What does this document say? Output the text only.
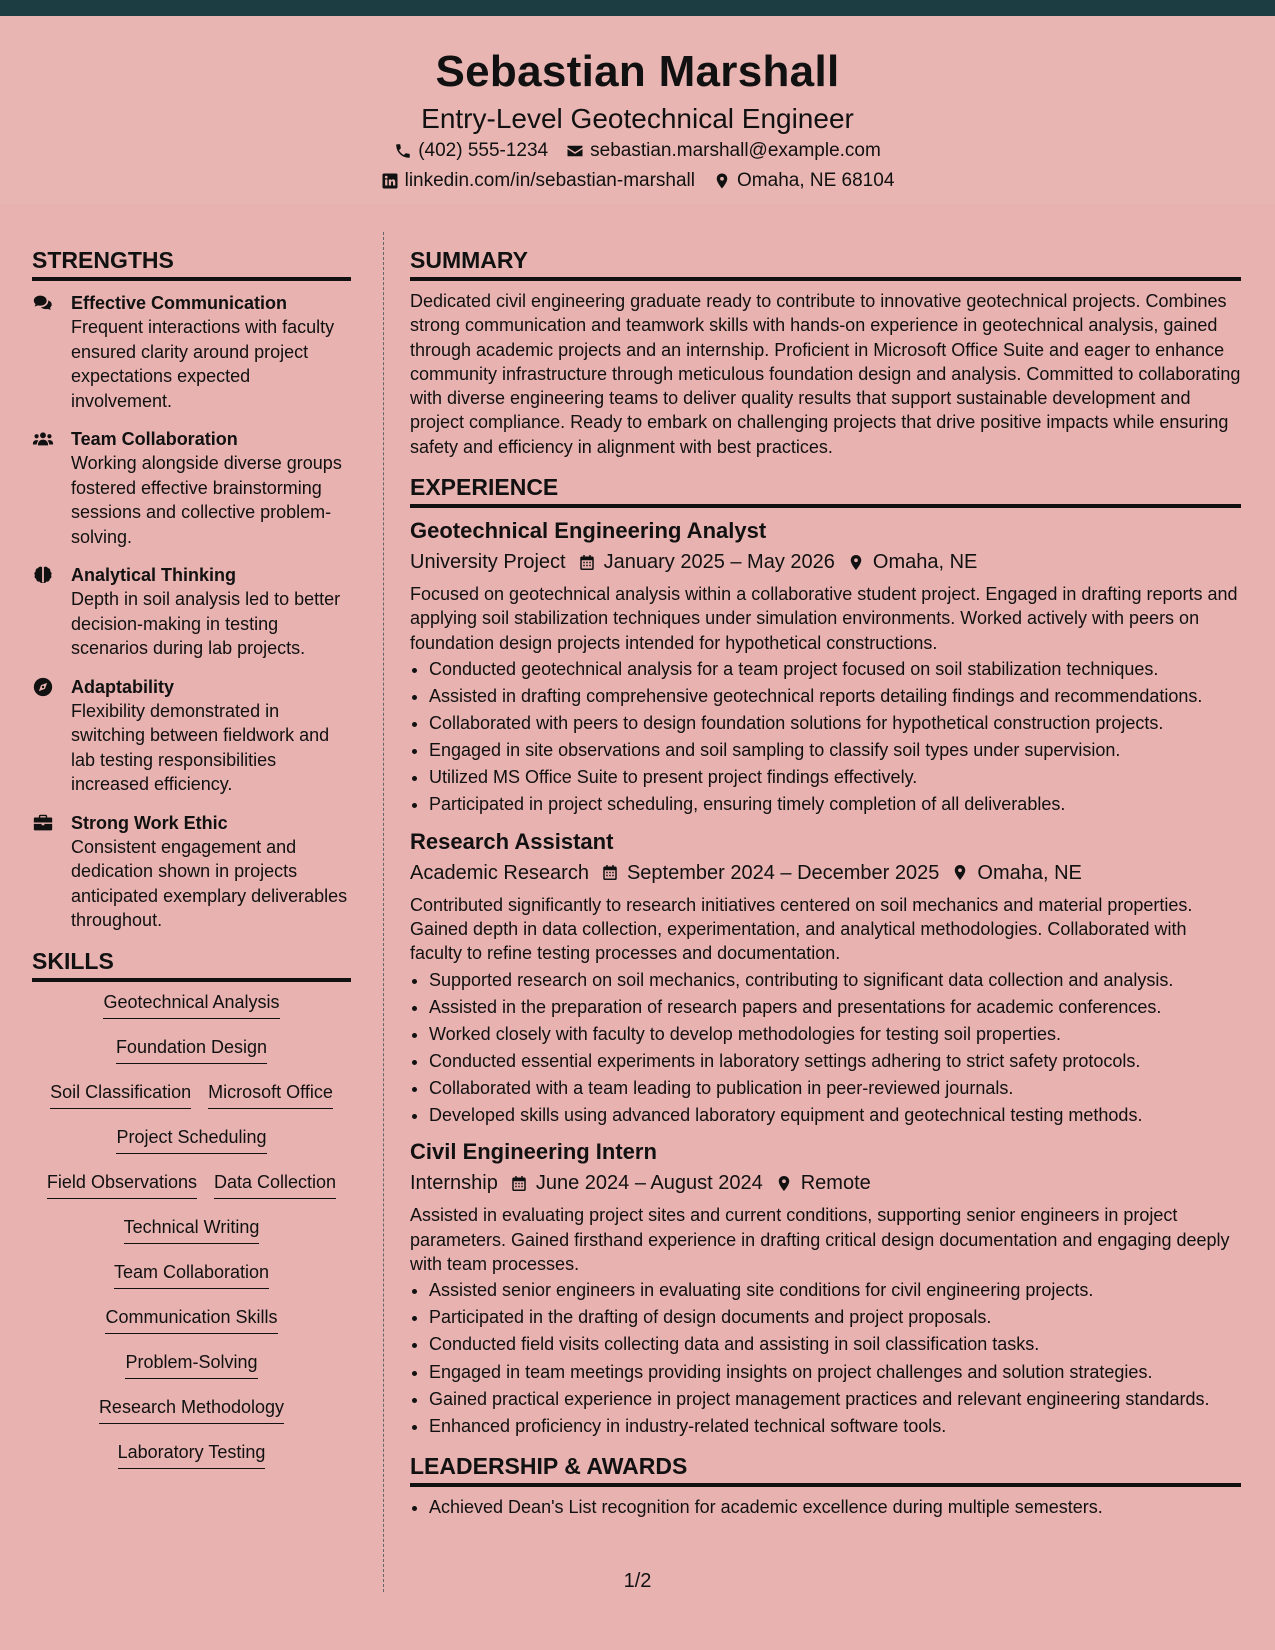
Sebastian Marshall
Entry-Level Geotechnical Engineer
(402) 555-1234 sebastian.marshall@example.com
linkedin.com/in/sebastian-marshall Omaha, NE 68104
STRENGTHS
Effective Communication
Frequent interactions with faculty ensured clarity around project expectations expected involvement.
Team Collaboration
Working alongside diverse groups fostered effective brainstorming sessions and collective problem-solving.
Analytical Thinking
Depth in soil analysis led to better decision-making in testing scenarios during lab projects.
Adaptability
Flexibility demonstrated in switching between fieldwork and lab testing responsibilities increased efficiency.
Strong Work Ethic
Consistent engagement and dedication shown in projects anticipated exemplary deliverables throughout.
SKILLS
Geotechnical Analysis
Foundation Design
Soil Classification Microsoft Office
Project Scheduling
Field Observations Data Collection
Technical Writing
Team Collaboration
Communication Skills
Problem-Solving
Research Methodology
Laboratory Testing
SUMMARY
Dedicated civil engineering graduate ready to contribute to innovative geotechnical projects. Combines strong communication and teamwork skills with hands-on experience in geotechnical analysis, gained through academic projects and an internship. Proficient in Microsoft Office Suite and eager to enhance community infrastructure through meticulous foundation design and analysis. Committed to collaborating with diverse engineering teams to deliver quality results that support sustainable development and project compliance. Ready to embark on challenging projects that drive positive impacts while ensuring safety and efficiency in alignment with best practices.
EXPERIENCE
Geotechnical Engineering Analyst
University Project January 2025 – May 2026 Omaha, NE
Focused on geotechnical analysis within a collaborative student project. Engaged in drafting reports and applying soil stabilization techniques under simulation environments. Worked actively with peers on foundation design projects intended for hypothetical constructions.
• Conducted geotechnical analysis for a team project focused on soil stabilization techniques.
• Assisted in drafting comprehensive geotechnical reports detailing findings and recommendations.
• Collaborated with peers to design foundation solutions for hypothetical construction projects.
• Engaged in site observations and soil sampling to classify soil types under supervision.
• Utilized MS Office Suite to present project findings effectively.
• Participated in project scheduling, ensuring timely completion of all deliverables.
Research Assistant
Academic Research September 2024 – December 2025 Omaha, NE
Contributed significantly to research initiatives centered on soil mechanics and material properties. Gained depth in data collection, experimentation, and analytical methodologies. Collaborated with faculty to refine testing processes and documentation.
• Supported research on soil mechanics, contributing to significant data collection and analysis.
• Assisted in the preparation of research papers and presentations for academic conferences.
• Worked closely with faculty to develop methodologies for testing soil properties.
• Conducted essential experiments in laboratory settings adhering to strict safety protocols.
• Collaborated with a team leading to publication in peer-reviewed journals.
• Developed skills using advanced laboratory equipment and geotechnical testing methods.
Civil Engineering Intern
Internship June 2024 – August 2024 Remote
Assisted in evaluating project sites and current conditions, supporting senior engineers in project parameters. Gained firsthand experience in drafting critical design documentation and engaging deeply with team processes.
• Assisted senior engineers in evaluating site conditions for civil engineering projects.
• Participated in the drafting of design documents and project proposals.
• Conducted field visits collecting data and assisting in soil classification tasks.
• Engaged in team meetings providing insights on project challenges and solution strategies.
• Gained practical experience in project management practices and relevant engineering standards.
• Enhanced proficiency in industry-related technical software tools.
LEADERSHIP & AWARDS
• Achieved Dean's List recognition for academic excellence during multiple semesters.
1/2
